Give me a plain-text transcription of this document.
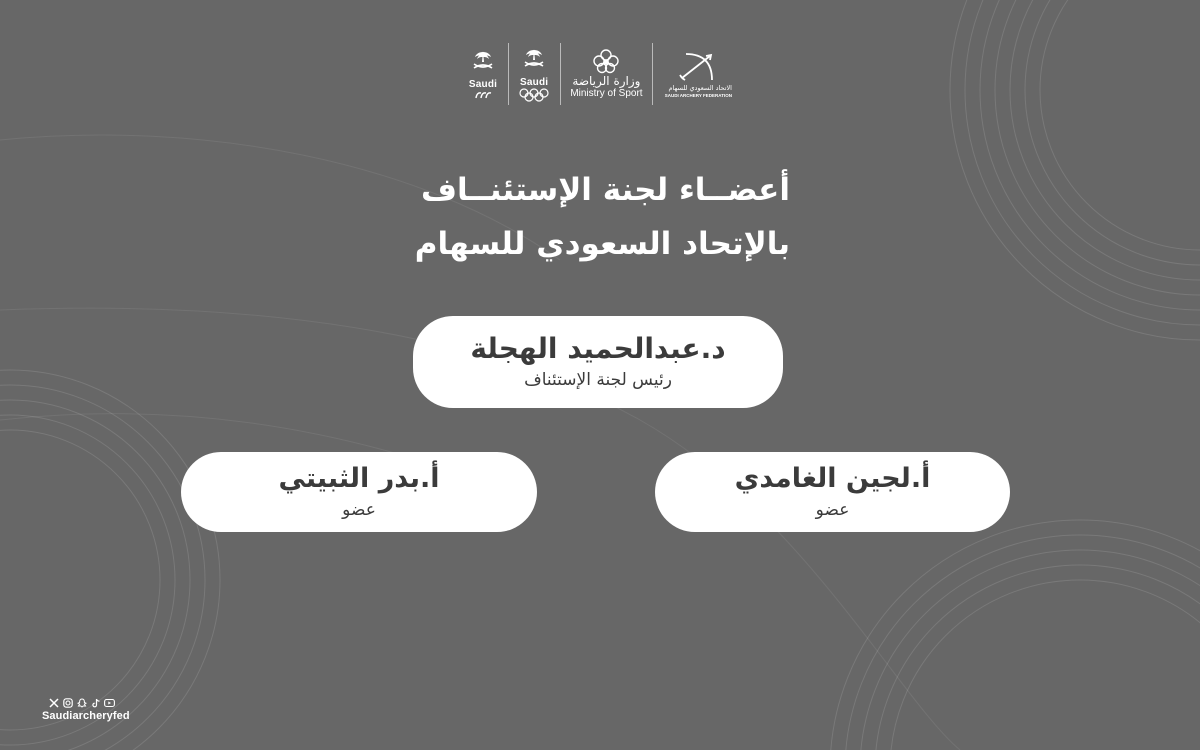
Saudi Saudi وزارة الرياضة
Ministry of Sport
الاتحاد السعودي للسهام
SAUDI ARCHERY FEDERATION
أعضــاء لجنة الإستئنــاف
بالإتحاد السعودي للسهام
د.عبدالحميد الهجلة
رئيس لجنة الإستئناف
أ.بدر الثبيتي
عضو
أ.لجين الغامدي
عضو
Saudiarcheryfed
